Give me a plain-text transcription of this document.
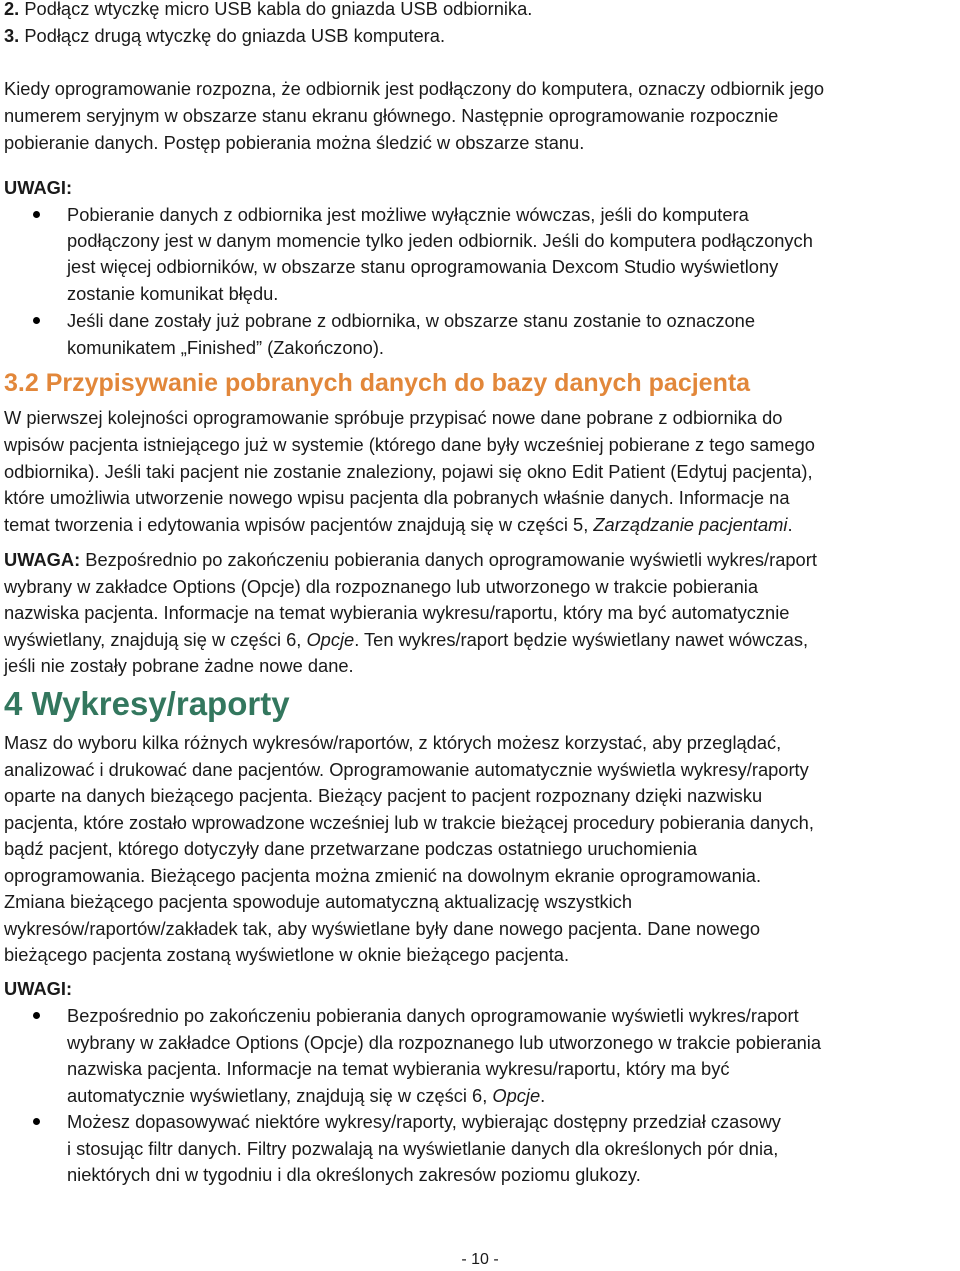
2. Podłącz wtyczkę micro USB kabla do gniazda USB odbiornika.
3. Podłącz drugą wtyczkę do gniazda USB komputera.
Kiedy oprogramowanie rozpozna, że odbiornik jest podłączony do komputera, oznaczy odbiornik jego
numerem seryjnym w obszarze stanu ekranu głównego. Następnie oprogramowanie rozpocznie
pobieranie danych. Postęp pobierania można śledzić w obszarze stanu.
UWAGI:
Pobieranie danych z odbiornika jest możliwe wyłącznie wówczas, jeśli do komputera
podłączony jest w danym momencie tylko jeden odbiornik. Jeśli do komputera podłączonych
jest więcej odbiorników, w obszarze stanu oprogramowania Dexcom Studio wyświetlony
zostanie komunikat błędu.
Jeśli dane zostały już pobrane z odbiornika, w obszarze stanu zostanie to oznaczone
komunikatem „Finished” (Zakończono).
3.2 Przypisywanie pobranych danych do bazy danych pacjenta
W pierwszej kolejności oprogramowanie spróbuje przypisać nowe dane pobrane z odbiornika do
wpisów pacjenta istniejącego już w systemie (którego dane były wcześniej pobierane z tego samego
odbiornika). Jeśli taki pacjent nie zostanie znaleziony, pojawi się okno Edit Patient (Edytuj pacjenta),
które umożliwia utworzenie nowego wpisu pacjenta dla pobranych właśnie danych. Informacje na
temat tworzenia i edytowania wpisów pacjentów znajdują się w części 5, Zarządzanie pacjentami.
UWAGA: Bezpośrednio po zakończeniu pobierania danych oprogramowanie wyświetli wykres/raport
wybrany w zakładce Options (Opcje) dla rozpoznanego lub utworzonego w trakcie pobierania
nazwiska pacjenta. Informacje na temat wybierania wykresu/raportu, który ma być automatycznie
wyświetlany, znajdują się w części 6, Opcje. Ten wykres/raport będzie wyświetlany nawet wówczas,
jeśli nie zostały pobrane żadne nowe dane.
4 Wykresy/raporty
Masz do wyboru kilka różnych wykresów/raportów, z których możesz korzystać, aby przeglądać,
analizować i drukować dane pacjentów. Oprogramowanie automatycznie wyświetla wykresy/raporty
oparte na danych bieżącego pacjenta. Bieżący pacjent to pacjent rozpoznany dzięki nazwisku
pacjenta, które zostało wprowadzone wcześniej lub w trakcie bieżącej procedury pobierania danych,
bądź pacjent, którego dotyczyły dane przetwarzane podczas ostatniego uruchomienia
oprogramowania. Bieżącego pacjenta można zmienić na dowolnym ekranie oprogramowania.
Zmiana bieżącego pacjenta spowoduje automatyczną aktualizację wszystkich
wykresów/raportów/zakładek tak, aby wyświetlane były dane nowego pacjenta. Dane nowego
bieżącego pacjenta zostaną wyświetlone w oknie bieżącego pacjenta.
UWAGI:
Bezpośrednio po zakończeniu pobierania danych oprogramowanie wyświetli wykres/raport
wybrany w zakładce Options (Opcje) dla rozpoznanego lub utworzonego w trakcie pobierania
nazwiska pacjenta. Informacje na temat wybierania wykresu/raportu, który ma być
automatycznie wyświetlany, znajdują się w części 6, Opcje.
Możesz dopasowywać niektóre wykresy/raporty, wybierając dostępny przedział czasowy
i stosując filtr danych. Filtry pozwalają na wyświetlanie danych dla określonych pór dnia,
niektórych dni w tygodniu i dla określonych zakresów poziomu glukozy.
- 10 -
